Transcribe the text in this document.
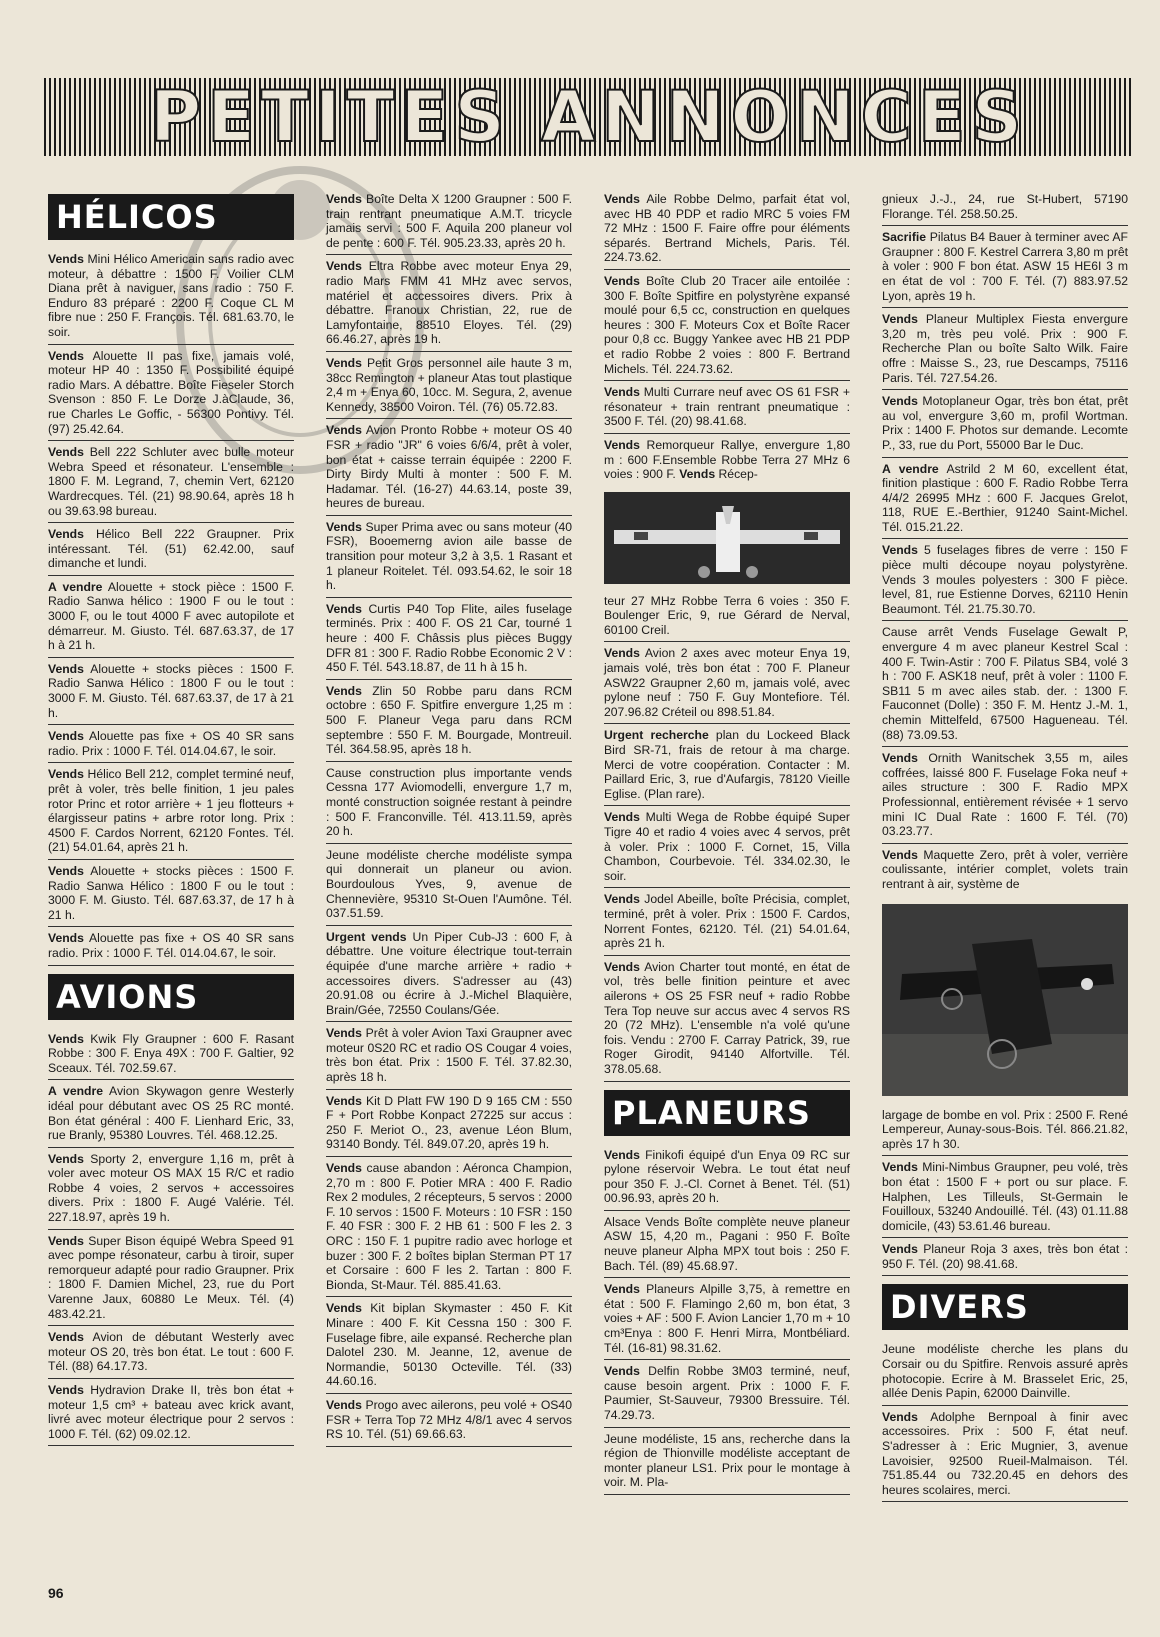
PETITES ANNONCES
HÉLICOS
Vends Mini Hélico Americain sans radio avec moteur, à débattre : 1500 F. Voilier CLM Diana prêt à naviguer, sans radio : 750 F. Enduro 83 préparé : 2200 F. Coque CL M fibre nue : 250 F. François. Tél. 681.63.70, le soir.
Vends Alouette II pas fixe, jamais volé, moteur HP 40 : 1350 F. Possibilité équipé radio Mars. A débattre. Boîte Fieseler Storch Svenson : 850 F. Le Dorze J.àClaude, 36, rue Charles Le Goffic, - 56300 Pontivy. Tél. (97) 25.42.64.
Vends Bell 222 Schluter avec bulle moteur Webra Speed et résonateur. L'ensemble : 1800 F. M. Legrand, 7, chemin Vert, 62120 Wardrecques. Tél. (21) 98.90.64, après 18 h ou 39.63.98 bureau.
Vends Hélico Bell 222 Graupner. Prix intéressant. Tél. (51) 62.42.00, sauf dimanche et lundi.
A vendre Alouette + stock pièce : 1500 F. Radio Sanwa hélico : 1900 F ou le tout : 3000 F, ou le tout 4000 F avec autopilote et démarreur. M. Giusto. Tél. 687.63.37, de 17 h à 21 h.
Vends Alouette + stocks pièces : 1500 F. Radio Sanwa Hélico : 1800 F ou le tout : 3000 F. M. Giusto. Tél. 687.63.37, de 17 à 21 h.
Vends Alouette pas fixe + OS 40 SR sans radio. Prix : 1000 F. Tél. 014.04.67, le soir.
Vends Hélico Bell 212, complet terminé neuf, prêt à voler, très belle finition, 1 jeu pales rotor Princ et rotor arrière + 1 jeu flotteurs + élargisseur patins + arbre rotor long. Prix : 4500 F. Cardos Norrent, 62120 Fontes. Tél. (21) 54.01.64, après 21 h.
Vends Alouette + stocks pièces : 1500 F. Radio Sanwa Hélico : 1800 F ou le tout : 3000 F. M. Giusto. Tél. 687.63.37, de 17 h à 21 h.
Vends Alouette pas fixe + OS 40 SR sans radio. Prix : 1000 F. Tél. 014.04.67, le soir.
AVIONS
Vends Kwik Fly Graupner : 600 F. Rasant Robbe : 300 F. Enya 49X : 700 F. Galtier, 92 Sceaux. Tél. 702.59.67.
A vendre Avion Skywagon genre Westerly idéal pour débutant avec OS 25 RC monté. Bon état général : 400 F. Lienhard Eric, 33, rue Branly, 95380 Louvres. Tél. 468.12.25.
Vends Sporty 2, envergure 1,16 m, prêt à voler avec moteur OS MAX 15 R/C et radio Robbe 4 voies, 2 servos + accessoires divers. Prix : 1800 F. Augé Valérie. Tél. 227.18.97, après 19 h.
Vends Super Bison équipé Webra Speed 91 avec pompe résonateur, carbu à tiroir, super remorqueur adapté pour radio Graupner. Prix : 1800 F. Damien Michel, 23, rue du Port Varenne Jaux, 60880 Le Meux. Tél. (4) 483.42.21.
Vends Avion de débutant Westerly avec moteur OS 20, très bon état. Le tout : 600 F. Tél. (88) 64.17.73.
Vends Hydravion Drake II, très bon état + moteur 1,5 cm³ + bateau avec krick avant, livré avec moteur électrique pour 2 servos : 1000 F. Tél. (62) 09.02.12.
Vends Boîte Delta X 1200 Graupner : 500 F. train rentrant pneumatique A.M.T. tricycle jamais servi : 500 F. Aquila 200 planeur vol de pente : 600 F. Tél. 905.23.33, après 20 h.
Vends Eltra Robbe avec moteur Enya 29, radio Mars FMM 41 MHz avec servos, matériel et accessoires divers. Prix à débattre. Franoux Christian, 22, rue de Lamyfontaine, 88510 Eloyes. Tél. (29) 66.46.27, après 19 h.
Vends Petit Gros personnel aile haute 3 m, 38cc Remington + planeur Atas tout plastique 2,4 m + Enya 60, 10cc. M. Segura, 2, avenue Kennedy, 38500 Voiron. Tél. (76) 05.72.83.
Vends Avion Pronto Robbe + moteur OS 40 FSR + radio "JR" 6 voies 6/6/4, prêt à voler, bon état + caisse terrain équipée : 2200 F. Dirty Birdy Multi à monter : 500 F. M. Hadamar. Tél. (16-27) 44.63.14, poste 39, heures de bureau.
Vends Super Prima avec ou sans moteur (40 FSR), Booemerng avion aile basse de transition pour moteur 3,2 à 3,5. 1 Rasant et 1 planeur Roitelet. Tél. 093.54.62, le soir 18 h.
Vends Curtis P40 Top Flite, ailes fuselage terminés. Prix : 400 F. OS 21 Car, tourné 1 heure : 400 F. Châssis plus pièces Buggy DFR 81 : 300 F. Radio Robbe Economic 2 V : 450 F. Tél. 543.18.87, de 11 h à 15 h.
Vends Zlin 50 Robbe paru dans RCM octobre : 650 F. Spitfire envergure 1,25 m : 500 F. Planeur Vega paru dans RCM septembre : 550 F. M. Bourgade, Montreuil. Tél. 364.58.95, après 18 h.
Cause construction plus importante vends Cessna 177 Aviomodelli, envergure 1,7 m, monté construction soignée restant à peindre : 500 F. Franconville. Tél. 413.11.59, après 20 h.
Jeune modéliste cherche modéliste sympa qui donnerait un planeur ou avion. Bourdoulous Yves, 9, avenue de Chennevière, 95310 St-Ouen l'Aumône. Tél. 037.51.59.
Urgent vends Un Piper Cub-J3 : 600 F, à débattre. Une voiture électrique tout-terrain équipée d'une marche arrière + radio + accessoires divers. S'adresser au (43) 20.91.08 ou écrire à J.-Michel Blaquière, Brain/Gée, 72550 Coulans/Gée.
Vends Prêt à voler Avion Taxi Graupner avec moteur 0S20 RC et radio OS Cougar 4 voies, très bon état. Prix : 1500 F. Tél. 37.82.30, après 18 h.
Vends Kit D Platt FW 190 D 9 165 CM : 550 F + Port Robbe Konpact 27225 sur accus : 250 F. Meriot O., 23, avenue Léon Blum, 93140 Bondy. Tél. 849.07.20, après 19 h.
Vends cause abandon : Aéronca Champion, 2,70 m : 800 F. Potier MRA : 400 F. Radio Rex 2 modules, 2 récepteurs, 5 servos : 2000 F. 10 servos : 1500 F. Moteurs : 10 FSR : 150 F. 40 FSR : 300 F. 2 HB 61 : 500 F les 2. 3 ORC : 150 F. 1 pupitre radio avec horloge et buzer : 300 F. 2 boîtes biplan Sterman PT 17 et Corsaire : 600 F les 2. Tartan : 800 F. Bionda, St-Maur. Tél. 885.41.63.
Vends Kit biplan Skymaster : 450 F. Kit Minare : 400 F. Kit Cessna 150 : 300 F. Fuselage fibre, aile expansé. Recherche plan Dalotel 230. M. Jeanne, 12, avenue de Normandie, 50130 Octeville. Tél. (33) 44.60.16.
Vends Progo avec ailerons, peu volé + OS40 FSR + Terra Top 72 MHz 4/8/1 avec 4 servos RS 10. Tél. (51) 69.66.63.
Vends Aile Robbe Delmo, parfait état vol, avec HB 40 PDP et radio MRC 5 voies FM 72 MHz : 1500 F. Faire offre pour éléments séparés. Bertrand Michels, Paris. Tél. 224.73.62.
Vends Boîte Club 20 Tracer aile entoilée : 300 F. Boîte Spitfire en polystyrène expansé moulé pour 6,5 cc, construction en quelques heures : 300 F. Moteurs Cox et Boîte Racer pour 0,8 cc. Buggy Yankee avec HB 21 PDP et radio Robbe 2 voies : 800 F. Bertrand Michels. Tél. 224.73.62.
Vends Multi Currare neuf avec OS 61 FSR + résonateur + train rentrant pneumatique : 3500 F. Tél. (20) 98.41.68.
Vends Remorqueur Rallye, envergure 1,80 m : 600 F.Ensemble Robbe Terra 27 MHz 6 voies : 900 F. Vends Récep-
teur 27 MHz Robbe Terra 6 voies : 350 F. Boulenger Eric, 9, rue Gérard de Nerval, 60100 Creil.
Vends Avion 2 axes avec moteur Enya 19, jamais volé, très bon état : 700 F. Planeur ASW22 Graupner 2,60 m, jamais volé, avec pylone neuf : 750 F. Guy Montefiore. Tél. 207.96.82 Créteil ou 898.51.84.
Urgent recherche plan du Lockeed Black Bird SR-71, frais de retour à ma charge. Merci de votre coopération. Contacter : M. Paillard Eric, 3, rue d'Aufargis, 78120 Vieille Eglise. (Plan rare).
Vends Multi Wega de Robbe équipé Super Tigre 40 et radio 4 voies avec 4 servos, prêt à voler. Prix : 1000 F. Cornet, 15, Villa Chambon, Courbevoie. Tél. 334.02.30, le soir.
Vends Jodel Abeille, boîte Précisia, complet, terminé, prêt à voler. Prix : 1500 F. Cardos, Norrent Fontes, 62120. Tél. (21) 54.01.64, après 21 h.
Vends Avion Charter tout monté, en état de vol, très belle finition peinture et avec ailerons + OS 25 FSR neuf + radio Robbe Tera Top neuve sur accus avec 4 servos RS 20 (72 MHz). L'ensemble n'a volé qu'une fois. Vendu : 2700 F. Carray Patrick, 39, rue Roger Girodit, 94140 Alfortville. Tél. 378.05.68.
PLANEURS
Vends Finikofi équipé d'un Enya 09 RC sur pylone réservoir Webra. Le tout état neuf pour 350 F. J.-Cl. Cornet à Benet. Tél. (51) 00.96.93, après 20 h.
Alsace Vends Boîte complète neuve planeur ASW 15, 4,20 m., Pagani : 950 F. Boîte neuve planeur Alpha MPX tout bois : 250 F. Bach. Tél. (89) 45.68.97.
Vends Planeurs Alpille 3,75, à remettre en état : 500 F. Flamingo 2,60 m, bon état, 3 voies + AF : 500 F. Avion Lancier 1,70 m + 10 cm³Enya : 800 F. Henri Mirra, Montbéliard. Tél. (16-81) 98.31.62.
Vends Delfin Robbe 3M03 terminé, neuf, cause besoin argent. Prix : 1000 F. F. Paumier, St-Sauveur, 79300 Bressuire. Tél. 74.29.73.
Jeune modéliste, 15 ans, recherche dans la région de Thionville modéliste acceptant de monter planeur LS1. Prix pour le montage à voir. M. Pla-
gnieux J.-J., 24, rue St-Hubert, 57190 Florange. Tél. 258.50.25.
Sacrifie Pilatus B4 Bauer à terminer avec AF Graupner : 800 F. Kestrel Carrera 3,80 m prêt à voler : 900 F bon état. ASW 15 HE6I 3 m en état de vol : 700 F. Tél. (7) 883.97.52 Lyon, après 19 h.
Vends Planeur Multiplex Fiesta envergure 3,20 m, très peu volé. Prix : 900 F. Recherche Plan ou boîte Salto Wilk. Faire offre : Maisse S., 23, rue Descamps, 75116 Paris. Tél. 727.54.26.
Vends Motoplaneur Ogar, très bon état, prêt au vol, envergure 3,60 m, profil Wortman. Prix : 1400 F. Photos sur demande. Lecomte P., 33, rue du Port, 55000 Bar le Duc.
A vendre Astrild 2 M 60, excellent état, finition plastique : 600 F. Radio Robbe Terra 4/4/2 26995 MHz : 600 F. Jacques Grelot, 118, RUE E.-Berthier, 91240 Saint-Michel. Tél. 015.21.22.
Vends 5 fuselages fibres de verre : 150 F pièce multi découpe noyau polystyrène. Vends 3 moules polyesters : 300 F pièce. level, 81, rue Estienne Dorves, 62110 Henin Beaumont. Tél. 21.75.30.70.
Cause arrêt Vends Fuselage Gewalt P, envergure 4 m avec planeur Kestrel Scal : 400 F. Twin-Astir : 700 F. Pilatus SB4, volé 3 h : 700 F. ASK18 neuf, prêt à voler : 1100 F. SB11 5 m avec ailes stab. der. : 1300 F. Fauconnet (Dolle) : 350 F. M. Hentz J.-M. 1, chemin Mittelfeld, 67500 Hagueneau. Tél. (88) 73.09.53.
Vends Ornith Wanitschek 3,55 m, ailes coffrées, laissé 800 F. Fuselage Foka neuf + ailes structure : 300 F. Radio MPX Professionnal, entièrement révisée + 1 servo mini IC Dual Rate : 1600 F. Tél. (70) 03.23.77.
Vends Maquette Zero, prêt à voler, verrière coulissante, intérier complet, volets train rentrant à air, système de
largage de bombe en vol. Prix : 2500 F. René Lempereur, Aunay-sous-Bois. Tél. 866.21.82, après 17 h 30.
Vends Mini-Nimbus Graupner, peu volé, très bon état : 1500 F + port ou sur place. F. Halphen, Les Tilleuls, St-Germain le Fouilloux, 53240 Andouillé. Tél. (43) 01.11.88 domicile, (43) 53.61.46 bureau.
Vends Planeur Roja 3 axes, très bon état : 950 F. Tél. (20) 98.41.68.
DIVERS
Jeune modéliste cherche les plans du Corsair ou du Spitfire. Renvois assuré après photocopie. Ecrire à M. Brasselet Eric, 25, allée Denis Papin, 62000 Dainville.
Vends Adolphe Bernpoal à finir avec accessoires. Prix : 500 F, état neuf. S'adresser à : Eric Mugnier, 3, avenue Lavoisier, 92500 Rueil-Malmaison. Tél. 751.85.44 ou 732.20.45 en dehors des heures scolaires, merci.
96
